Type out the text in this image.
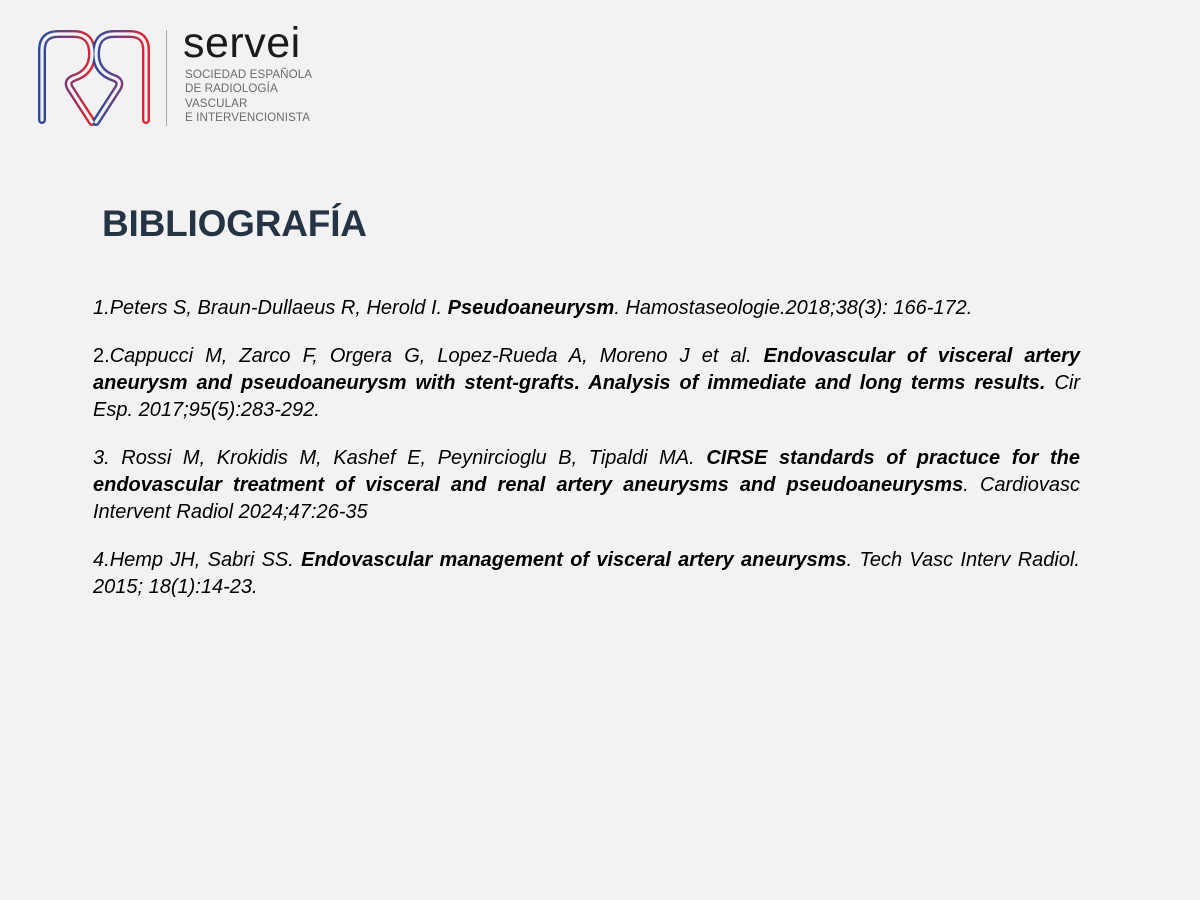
servei
SOCIEDAD ESPAÑOLA
DE RADIOLOGÍA
VASCULAR
E INTERVENCIONISTA
BIBLIOGRAFÍA

1.Peters S, Braun-Dullaeus R, Herold I. Pseudoaneurysm. Hamostaseologie.2018;38(3): 166-172.

2.Cappucci M, Zarco F, Orgera G, Lopez-Rueda A, Moreno J et al. Endovascular of visceral artery aneurysm and pseudoaneurysm with stent-grafts. Analysis of immediate and long terms results. Cir Esp. 2017;95(5):283-292.

3. Rossi M, Krokidis M, Kashef E, Peynircioglu B, Tipaldi MA. CIRSE standards of practuce for the endovascular treatment of visceral and renal artery aneurysms and pseudoaneurysms. Cardiovasc Intervent Radiol 2024;47:26-35

4.Hemp JH, Sabri SS. Endovascular management of visceral artery aneurysms. Tech Vasc Interv Radiol. 2015; 18(1):14-23.
